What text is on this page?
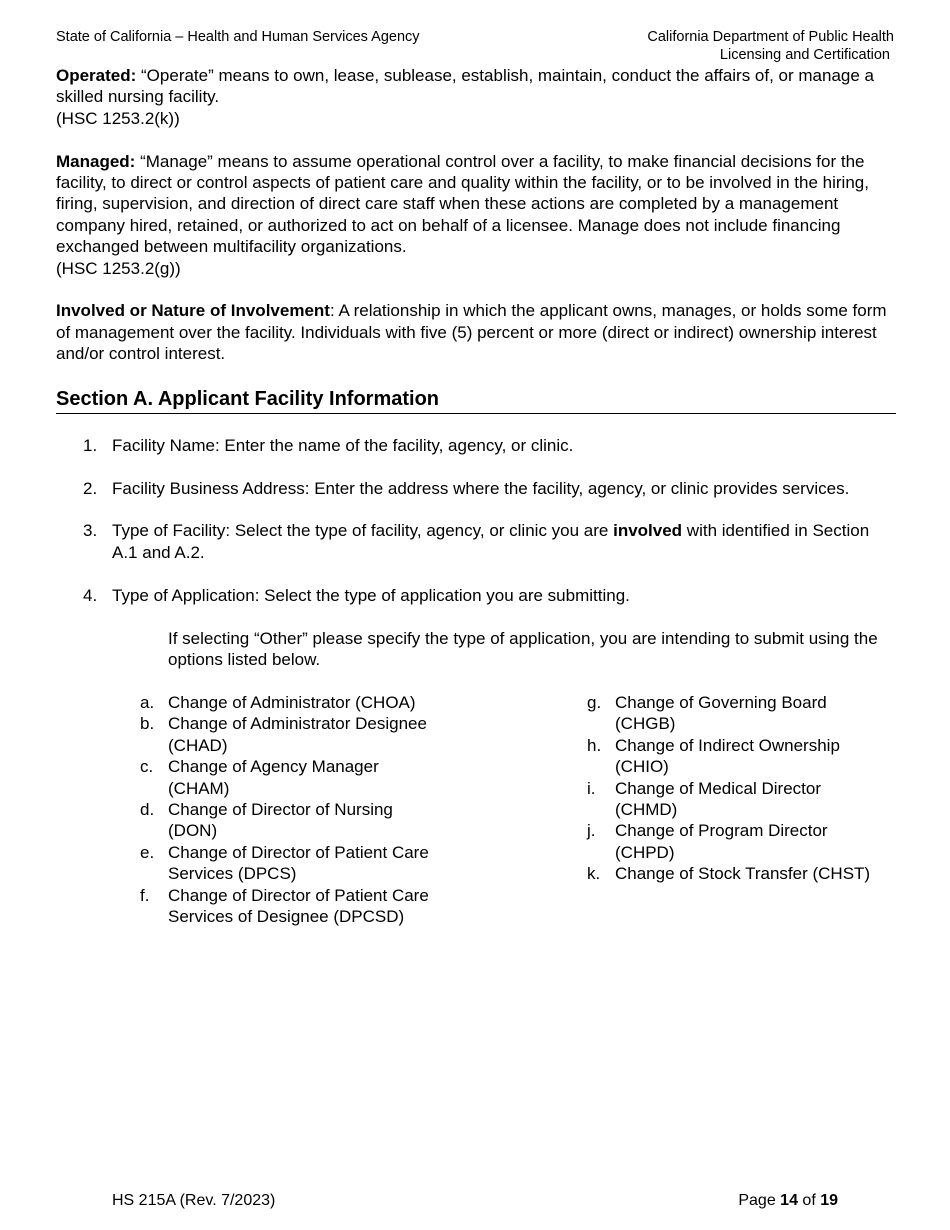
State of California – Health and Human Services Agency	California Department of Public Health
Licensing and Certification

Operated: “Operate” means to own, lease, sublease, establish, maintain, conduct the affairs of, or manage a skilled nursing facility.
(HSC 1253.2(k))

Managed: “Manage” means to assume operational control over a facility, to make financial decisions for the facility, to direct or control aspects of patient care and quality within the facility, or to be involved in the hiring, firing, supervision, and direction of direct care staff when these actions are completed by a management company hired, retained, or authorized to act on behalf of a licensee. Manage does not include financing exchanged between multifacility organizations.
(HSC 1253.2(g))

Involved or Nature of Involvement: A relationship in which the applicant owns, manages, or holds some form of management over the facility. Individuals with five (5) percent or more (direct or indirect) ownership interest and/or control interest.

Section A. Applicant Facility Information
1. Facility Name: Enter the name of the facility, agency, or clinic.
2. Facility Business Address: Enter the address where the facility, agency, or clinic provides services.
3. Type of Facility: Select the type of facility, agency, or clinic you are involved with identified in Section A.1 and A.2.
4. Type of Application: Select the type of application you are submitting.

If selecting “Other” please specify the type of application, you are intending to submit using the options listed below.

a. Change of Administrator (CHOA)
b. Change of Administrator Designee (CHAD)
c. Change of Agency Manager (CHAM)
d. Change of Director of Nursing (DON)
e. Change of Director of Patient Care Services (DPCS)
f. Change of Director of Patient Care Services of Designee (DPCSD)
g. Change of Governing Board (CHGB)
h. Change of Indirect Ownership (CHIO)
i. Change of Medical Director (CHMD)
j. Change of Program Director (CHPD)
k. Change of Stock Transfer (CHST)
HS 215A (Rev. 7/2023)	Page 14 of 19
